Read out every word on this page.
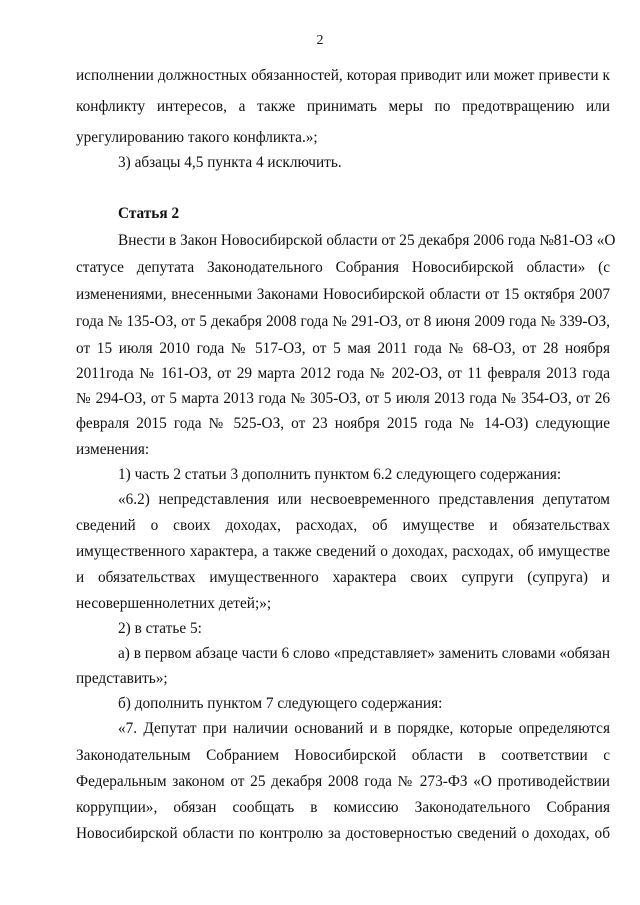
2
исполнении должностных обязанностей, которая приводит или может привести к
конфликту интересов, а также принимать меры по предотвращению или
урегулированию такого конфликта.»;
3) абзацы 4,5 пункта 4 исключить.
Статья 2
Внести в Закон Новосибирской области от 25 декабря 2006 года №81-ОЗ «О
статусе депутата Законодательного Собрания Новосибирской области» (с
изменениями, внесенными Законами Новосибирской области от 15 октября 2007
года № 135-ОЗ, от 5 декабря 2008 года № 291-ОЗ, от 8 июня 2009 года № 339-ОЗ,
от 15 июля 2010 года № 517-ОЗ, от 5 мая 2011 года № 68-ОЗ, от 28 ноября
2011года № 161-ОЗ, от 29 марта 2012 года № 202-ОЗ, от 11 февраля 2013 года
№ 294-ОЗ, от 5 марта 2013 года № 305-ОЗ, от 5 июля 2013 года № 354-ОЗ, от 26
февраля 2015 года № 525-ОЗ, от 23 ноября 2015 года № 14-ОЗ) следующие
изменения:
1) часть 2 статьи 3 дополнить пунктом 6.2 следующего содержания:
«6.2) непредставления или несвоевременного представления депутатом
сведений о своих доходах, расходах, об имуществе и обязательствах
имущественного характера, а также сведений о доходах, расходах, об имуществе
и обязательствах имущественного характера своих супруги (супруга) и
несовершеннолетних детей;»;
2) в статье 5:
а) в первом абзаце части 6 слово «представляет» заменить словами «обязан
представить»;
б) дополнить пунктом 7 следующего содержания:
«7. Депутат при наличии оснований и в порядке, которые определяются
Законодательным Собранием Новосибирской области в соответствии с
Федеральным законом от 25 декабря 2008 года № 273-ФЗ «О противодействии
коррупции», обязан сообщать в комиссию Законодательного Собрания
Новосибирской области по контролю за достоверностью сведений о доходах, об
